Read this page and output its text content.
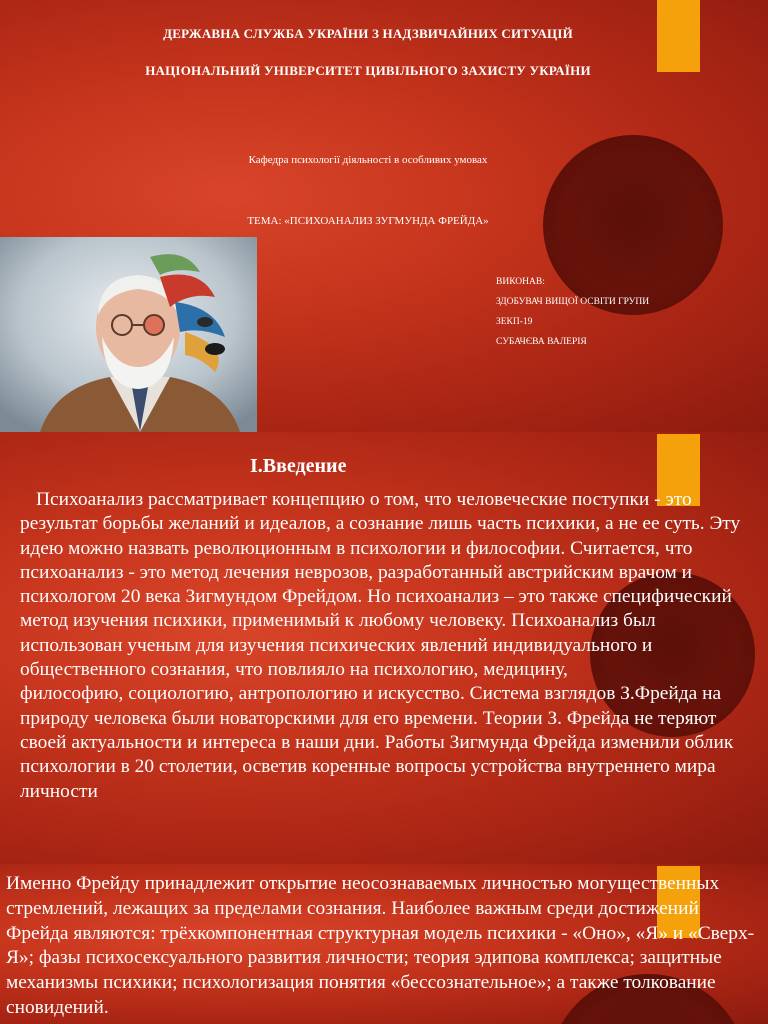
ДЕРЖАВНА СЛУЖБА УКРАЇНИ З НАДЗВИЧАЙНИХ СИТУАЦІЙ
НАЦІОНАЛЬНИЙ УНІВЕРСИТЕТ ЦИВІЛЬНОГО ЗАХИСТУ УКРАЇНИ
Кафедра психології діяльності в особливих умовах
ТЕМА: «ПСИХОАНАЛИЗ ЗУГМУНДА ФРЕЙДА»
ВИКОНАВ:
ЗДОБУВАЧ ВИЩОЇ ОСВІТИ ГРУПИ
ЗЕКП-19
СУБАЧЄВА ВАЛЕРІЯ
I.Введение

Психоанализ рассматривает концепцию о том, что человеческие поступки - это результат борьбы желаний и идеалов, а сознание лишь часть психики, а не ее суть. Эту идею можно назвать революционным в психологии и философии. Считается, что психоанализ - это метод лечения неврозов, разработанный австрийским врачом и психологом 20 века Зигмундом Фрейдом. Но психоанализ – это также специфический метод изучения психики, применимый к любому человеку. Психоанализ был использован ученым для изучения психических явлений индивидуального и общественного сознания, что повлияло на психологию, медицину,
философию, социологию, антропологию и искусство. Система взглядов З.Фрейда на природу человека были новаторскими для его времени. Теории З. Фрейда не теряют своей актуальности и интереса в наши дни. Работы Зигмунда Фрейда изменили облик психологии в 20 столетии, осветив коренные вопросы устройства внутреннего мира личности

Именно Фрейду принадлежит открытие неосознаваемых личностью могущественных стремлений, лежащих за пределами сознания. Наиболее важным среди достижений Фрейда являются: трёхкомпонентная структурная модель психики - «Оно», «Я» и «Сверх-Я»; фазы психосексуального развития личности; теория эдипова комплекса; защитные механизмы психики; психологизация понятия «бессознательное»; а также толкование сновидений.
